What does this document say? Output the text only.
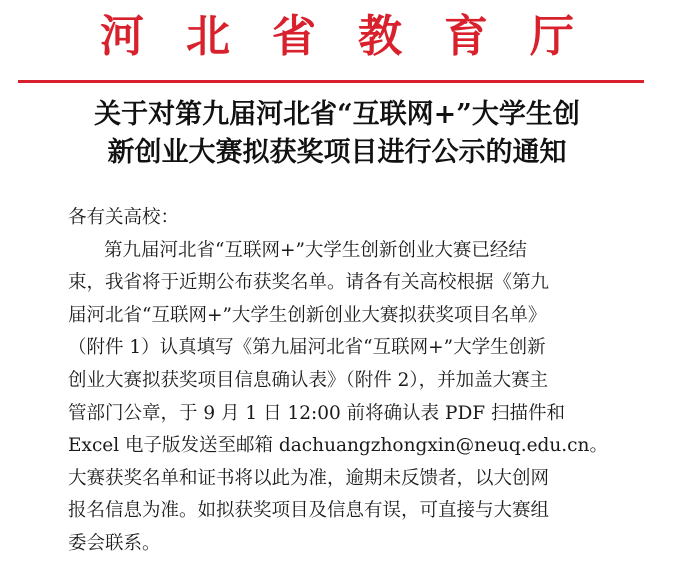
河北省教育厅
关于对第九届河北省“互联网+”大学生创
新创业大赛拟获奖项目进行公示的通知
各有关高校：
第九届河北省“互联网+”大学生创新创业大赛已经结
束，我省将于近期公布获奖名单。请各有关高校根据《第九
届河北省“互联网+”大学生创新创业大赛拟获奖项目名单》
（附件 1）认真填写《第九届河北省“互联网+”大学生创新
创业大赛拟获奖项目信息确认表》（附件 2），并加盖大赛主
管部门公章，于 9 月 1 日 12:00 前将确认表 PDF 扫描件和
Excel 电子版发送至邮箱 dachuangzhongxin@neuq.edu.cn。
大赛获奖名单和证书将以此为准，逾期未反馈者，以大创网
报名信息为准。如拟获奖项目及信息有误，可直接与大赛组
委会联系。
